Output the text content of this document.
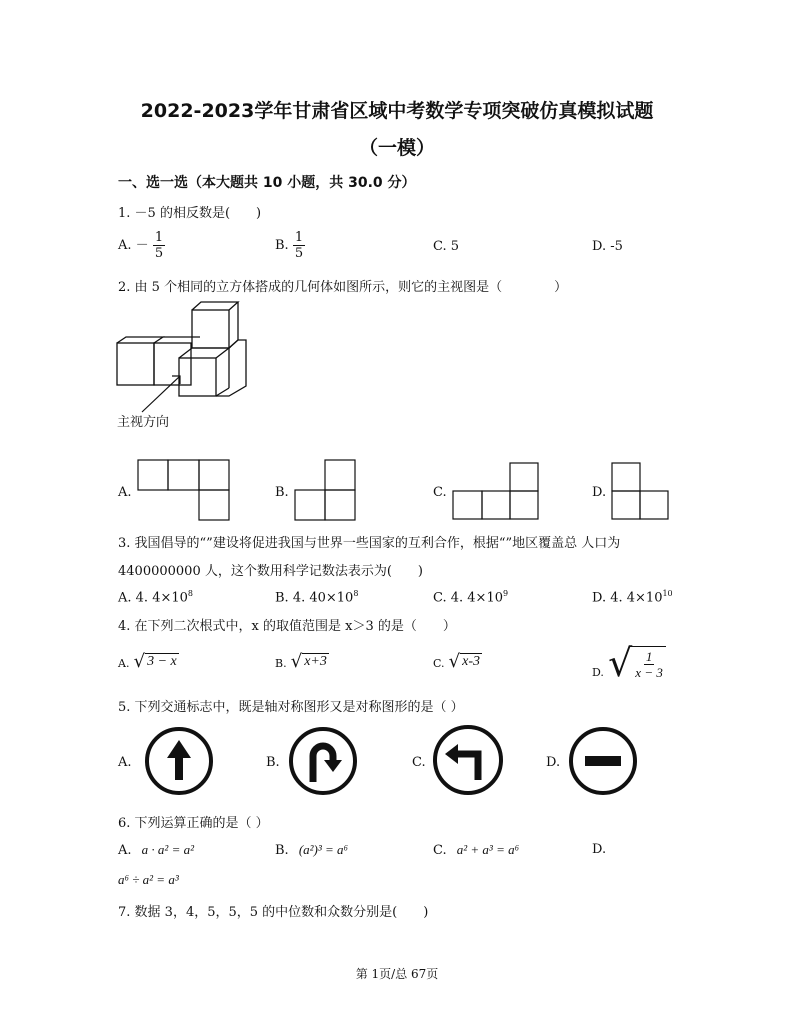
2022-2023学年甘肃省区域中考数学专项突破仿真模拟试题
（一模）
一、选一选（本大题共 10 小题，共 30.0 分）
1. －5 的相反数是(　　)
A. － $\frac{1}{5}$	B. $\frac{1}{5}$	C. 5	D. -5
2. 由 5 个相同的立方体搭成的几何体如图所示，则它的主视图是（　　　　）
主视方向
A.	B.	C.	D.
3. 我国倡导的“”建设将促进我国与世界一些国家的互利合作，根据“”地区覆盖总 人口为
4400000000 人，这个数用科学记数法表示为(　　)
A. 4. $4\times 10^8$	B. 4. $40\times 10^8$	C. 4. $4\times 10^9$	D. 4. $4\times 10^{10}$
4. 在下列二次根式中，x 的取值范围是 x＞3 的是（　　）
A. √ 3 − x	B. √ x+3	C. √ x-3
D. √ $\frac{1}{x - 3}$
5. 下列交通标志中，既是轴对称图形又是对称图形的是（ ）
A.	B.	C.	D.
6. 下列运算正确的是（ ）
A. a · a² = a²	B. (a²)³ = a⁶	C. a² + a³ = a⁶	D.
a⁶ ÷ a² = a³
7. 数据 3，4，5，5，5 的中位数和众数分别是(　　)
第 1页/总 67页
